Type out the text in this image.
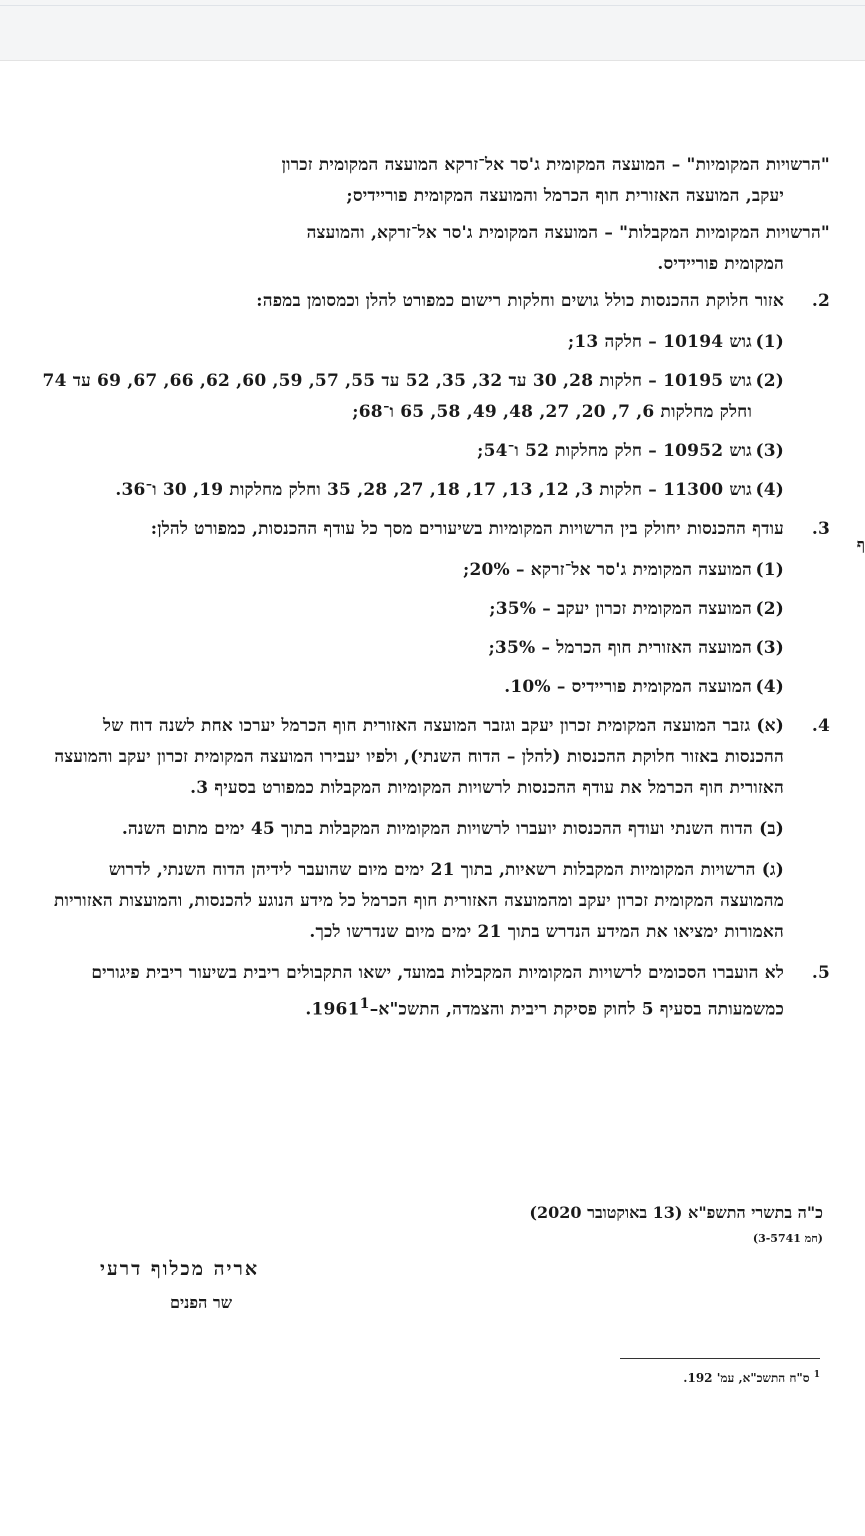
ף
"הרשויות המקומיות" – המועצה המקומית ג'סר אל־זרקא המועצה המקומית זכרון
יעקב, המועצה האזורית חוף הכרמל והמועצה המקומית פוריידיס;
"הרשויות המקומיות המקבלות" – המועצה המקומית ג'סר אל־זרקא, והמועצה
המקומית פוריידיס.
2.
אזור חלוקת ההכנסות כולל גושים וחלקות רישום כמפורט להלן וכמסומן במפה:
(1)
גוש 10194 – חלקה 13;
(2)
גוש 10195 – חלקות 28, 30 עד 32, 35, 52 עד 55, 57, 59, 60, 62, 66, 67, 69 עד 74 וחלק מחלקות 6, 7, 20, 27, 48, 49, 58, 65 ו־68;
(3)
גוש 10952 – חלק מחלקות 52 ו־54;
(4)
גוש 11300 – חלקות 3, 12, 13, 17, 18, 27, 28, 35 וחלק מחלקות 19, 30 ו־36.
3.
עודף ההכנסות יחולק בין הרשויות המקומיות בשיעורים מסך כל עודף ההכנסות, כמפורט להלן:
(1)
המועצה המקומית ג'סר אל־זרקא – 20%;
(2)
המועצה המקומית זכרון יעקב – 35%;
(3)
המועצה האזורית חוף הכרמל – 35%;
(4)
המועצה המקומית פוריידיס – 10%.
4.
(א) גזבר המועצה המקומית זכרון יעקב וגזבר המועצה האזורית חוף הכרמל יערכו אחת לשנה דוח של ההכנסות באזור חלוקת ההכנסות (להלן – הדוח השנתי), ולפיו יעבירו המועצה המקומית זכרון יעקב והמועצה האזורית חוף הכרמל את עודף ההכנסות לרשויות המקומיות המקבלות כמפורט בסעיף 3.
(ב) הדוח השנתי ועודף ההכנסות יועברו לרשויות המקומיות המקבלות בתוך 45 ימים מתום השנה.
(ג) הרשויות המקומיות המקבלות רשאיות, בתוך 21 ימים מיום שהועבר לידיהן הדוח השנתי, לדרוש מהמועצה המקומית זכרון יעקב ומהמועצה האזורית חוף הכרמל כל מידע הנוגע להכנסות, והמועצות האזוריות האמורות ימציאו את המידע הנדרש בתוך 21 ימים מיום שנדרשו לכך.
5.
לא הועברו הסכומים לרשויות המקומיות המקבלות במועד, ישאו התקבולים ריבית בשיעור ריבית פיגורים כמשמעותה בסעיף 5 לחוק פסיקת ריבית והצמדה, התשכ"א–1961$^1$.
כ"ה בתשרי התשפ"א (13 באוקטובר 2020)
(חמ 3-5741)
אריה מכלוף דרעי
שר הפנים
$^1$ ס"ח התשכ"א, עמ' 192.
